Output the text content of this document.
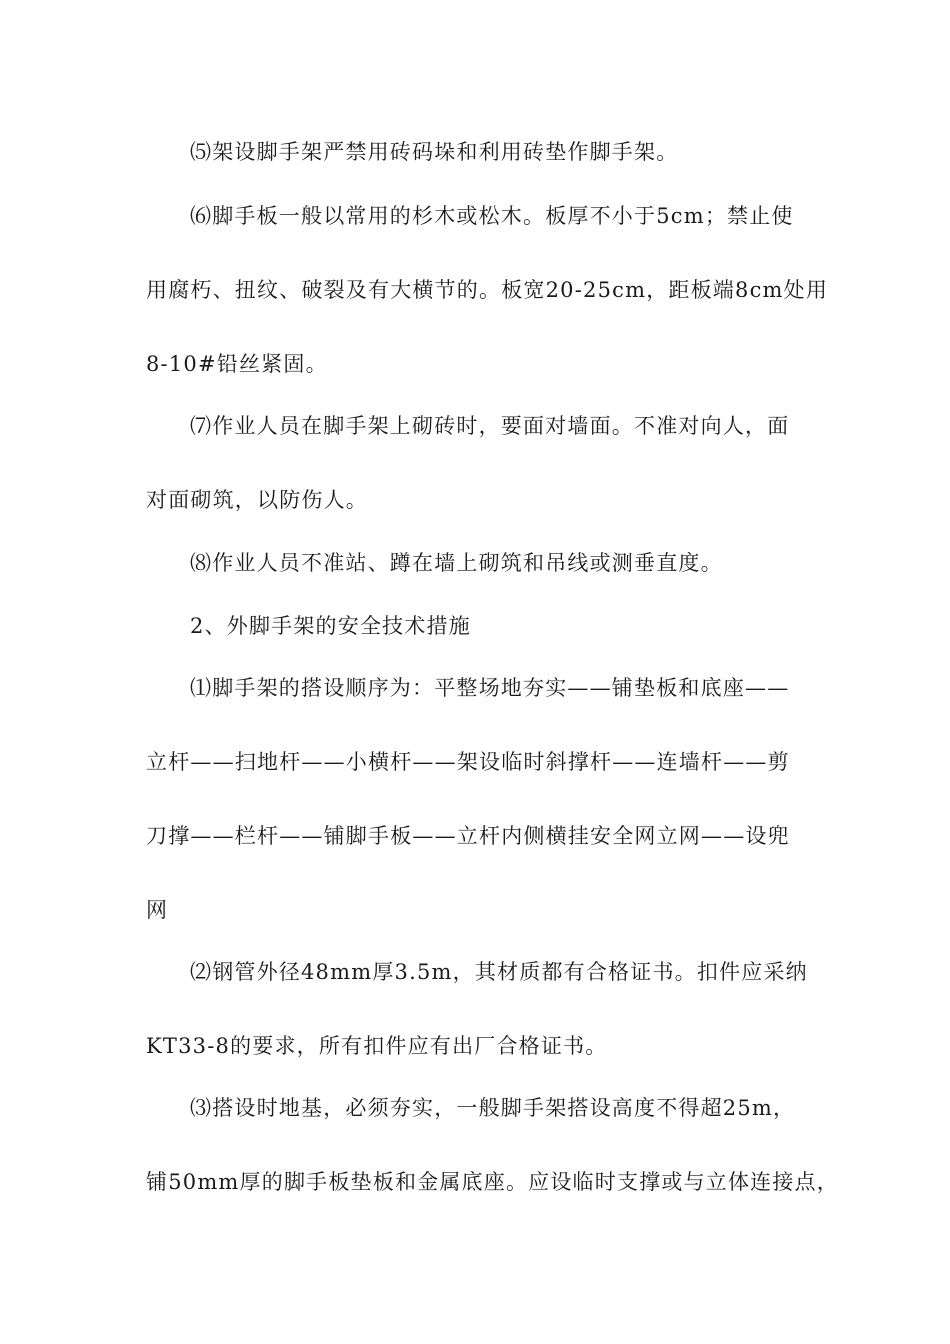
⑸架设脚手架严禁用砖码垛和利用砖垫作脚手架。
⑹脚手板一般以常用的杉木或松木。板厚不小于5cm；禁止使
用腐朽、扭纹、破裂及有大横节的。板宽20-25cm，距板端8cm处用
8-10#铅丝紧固。
⑺作业人员在脚手架上砌砖时，要面对墙面。不准对向人，面
对面砌筑，以防伤人。
⑻作业人员不准站、蹲在墙上砌筑和吊线或测垂直度。
2、外脚手架的安全技术措施
⑴脚手架的搭设顺序为：平整场地夯实——铺垫板和底座——
立杆——扫地杆——小横杆——架设临时斜撑杆——连墙杆——剪
刀撑——栏杆——铺脚手板——立杆内侧横挂安全网立网——设兜
网
⑵钢管外径48mm厚3.5m，其材质都有合格证书。扣件应采纳
KT33-8的要求，所有扣件应有出厂合格证书。
⑶搭设时地基，必须夯实，一般脚手架搭设高度不得超25m，
铺50mm厚的脚手板垫板和金属底座。应设临时支撑或与立体连接点，
